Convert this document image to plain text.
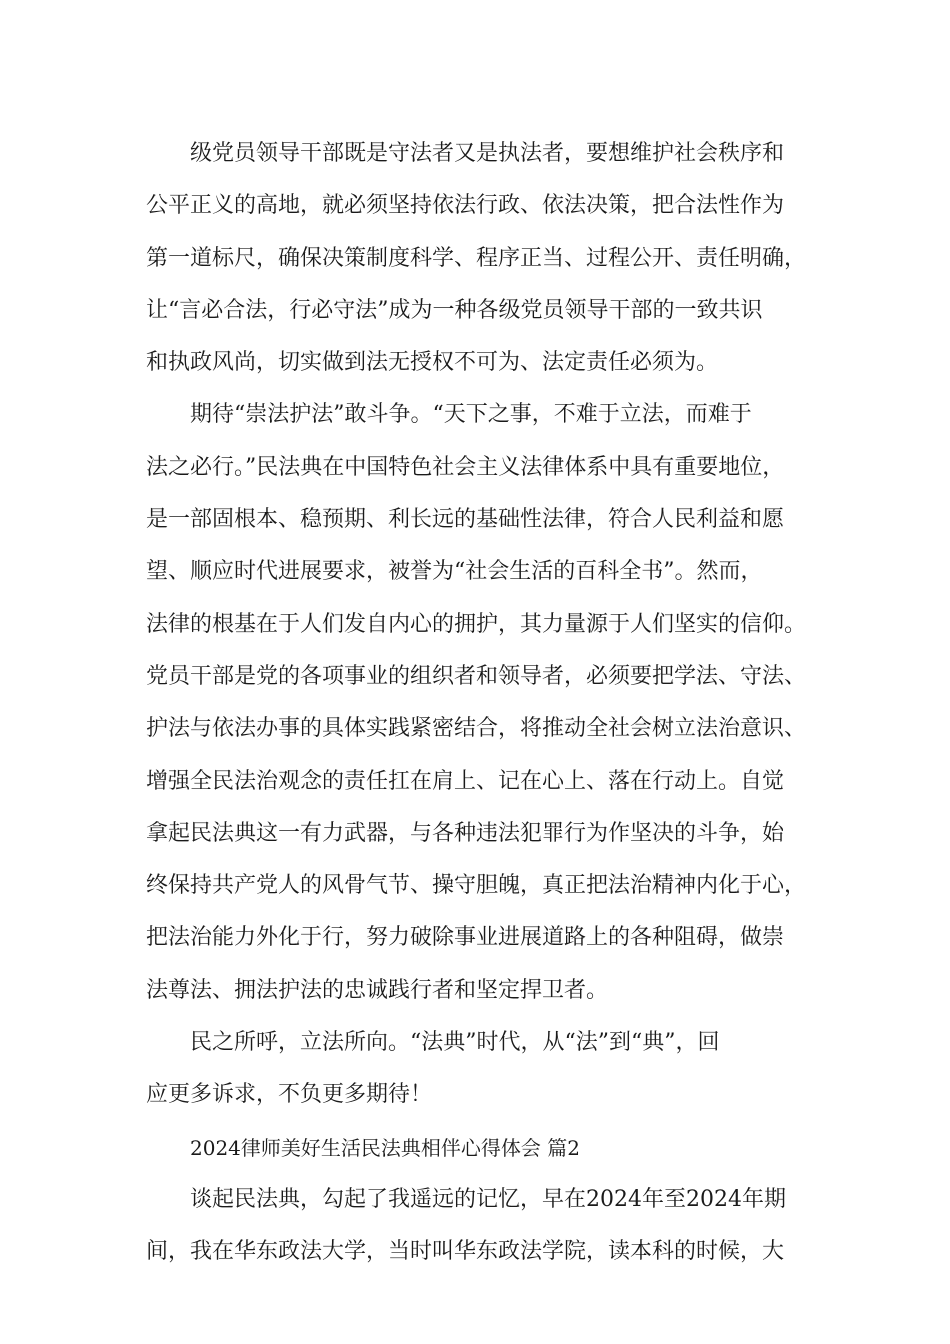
级党员领导干部既是守法者又是执法者，要想维护社会秩序和
公平正义的高地，就必须坚持依法行政、依法决策，把合法性作为
第一道标尺，确保决策制度科学、程序正当、过程公开、责任明确，
让“言必合法，行必守法”成为一种各级党员领导干部的一致共识
和执政风尚，切实做到法无授权不可为、法定责任必须为。
期待“崇法护法”敢斗争。“天下之事，不难于立法，而难于
法之必行。”民法典在中国特色社会主义法律体系中具有重要地位，
是一部固根本、稳预期、利长远的基础性法律，符合人民利益和愿
望、顺应时代进展要求，被誉为“社会生活的百科全书”。然而，
法律的根基在于人们发自内心的拥护，其力量源于人们坚实的信仰。
党员干部是党的各项事业的组织者和领导者，必须要把学法、守法、
护法与依法办事的具体实践紧密结合，将推动全社会树立法治意识、
增强全民法治观念的责任扛在肩上、记在心上、落在行动上。自觉
拿起民法典这一有力武器，与各种违法犯罪行为作坚决的斗争，始
终保持共产党人的风骨气节、操守胆魄，真正把法治精神内化于心，
把法治能力外化于行，努力破除事业进展道路上的各种阻碍，做崇
法尊法、拥法护法的忠诚践行者和坚定捍卫者。
民之所呼，立法所向。“法典”时代，从“法”到“典”，回
应更多诉求，不负更多期待！
2024律师美好生活民法典相伴心得体会 篇2
谈起民法典，勾起了我遥远的记忆，早在2024年至2024年期
间，我在华东政法大学，当时叫华东政法学院，读本科的时候，大
